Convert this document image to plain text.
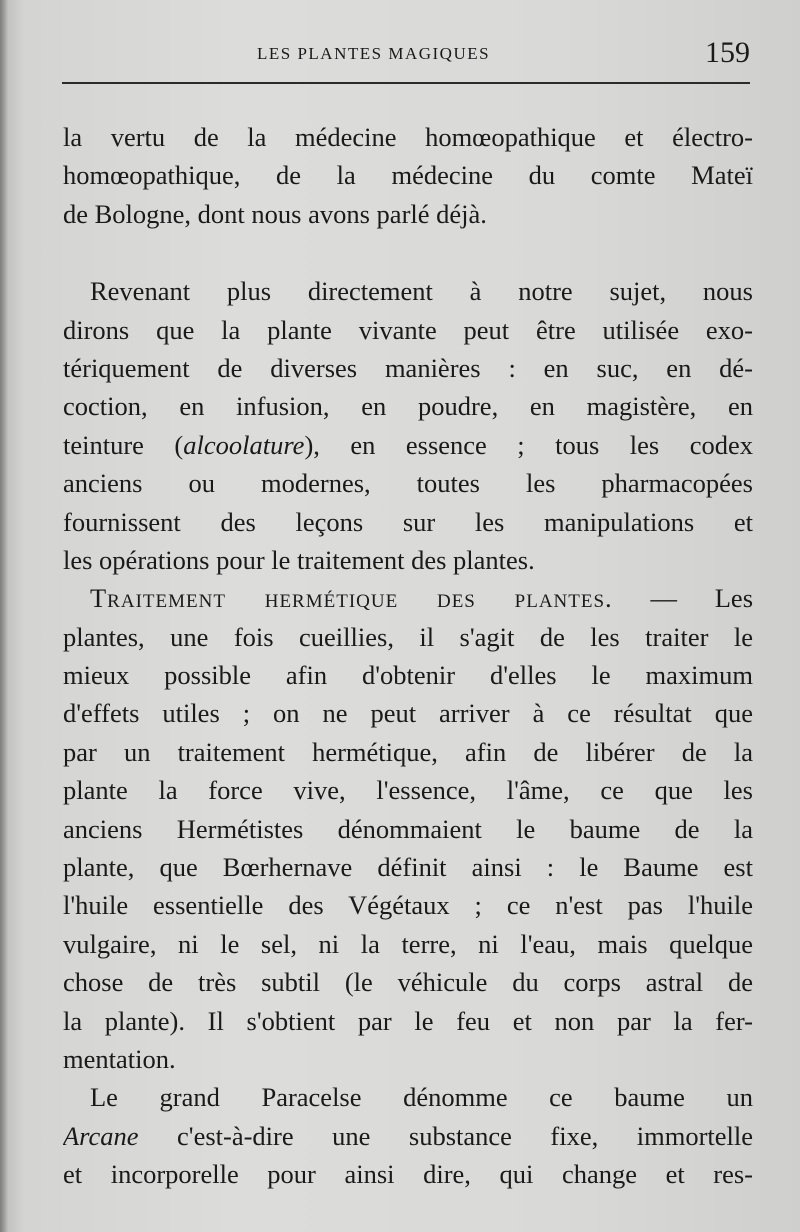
LES PLANTES MAGIQUES	159
la vertu de la médecine homœopathique et électro-
homœopathique, de la médecine du comte Mateï
de Bologne, dont nous avons parlé déjà.
Revenant plus directement à notre sujet, nous
dirons que la plante vivante peut être utilisée exo-
tériquement de diverses manières : en suc, en dé-
coction, en infusion, en poudre, en magistère, en
teinture (alcoolature), en essence ; tous les codex
anciens ou modernes, toutes les pharmacopées
fournissent des leçons sur les manipulations et
les opérations pour le traitement des plantes.
Traitement hermétique des plantes. — Les
plantes, une fois cueillies, il s'agit de les traiter le
mieux possible afin d'obtenir d'elles le maximum
d'effets utiles ; on ne peut arriver à ce résultat que
par un traitement hermétique, afin de libérer de la
plante la force vive, l'essence, l'âme, ce que les
anciens Hermétistes dénommaient le baume de la
plante, que Bœrhernave définit ainsi : le Baume est
l'huile essentielle des Végétaux ; ce n'est pas l'huile
vulgaire, ni le sel, ni la terre, ni l'eau, mais quelque
chose de très subtil (le véhicule du corps astral de
la plante). Il s'obtient par le feu et non par la fer-
mentation.
Le grand Paracelse dénomme ce baume un
Arcane c'est-à-dire une substance fixe, immortelle
et incorporelle pour ainsi dire, qui change et res-
